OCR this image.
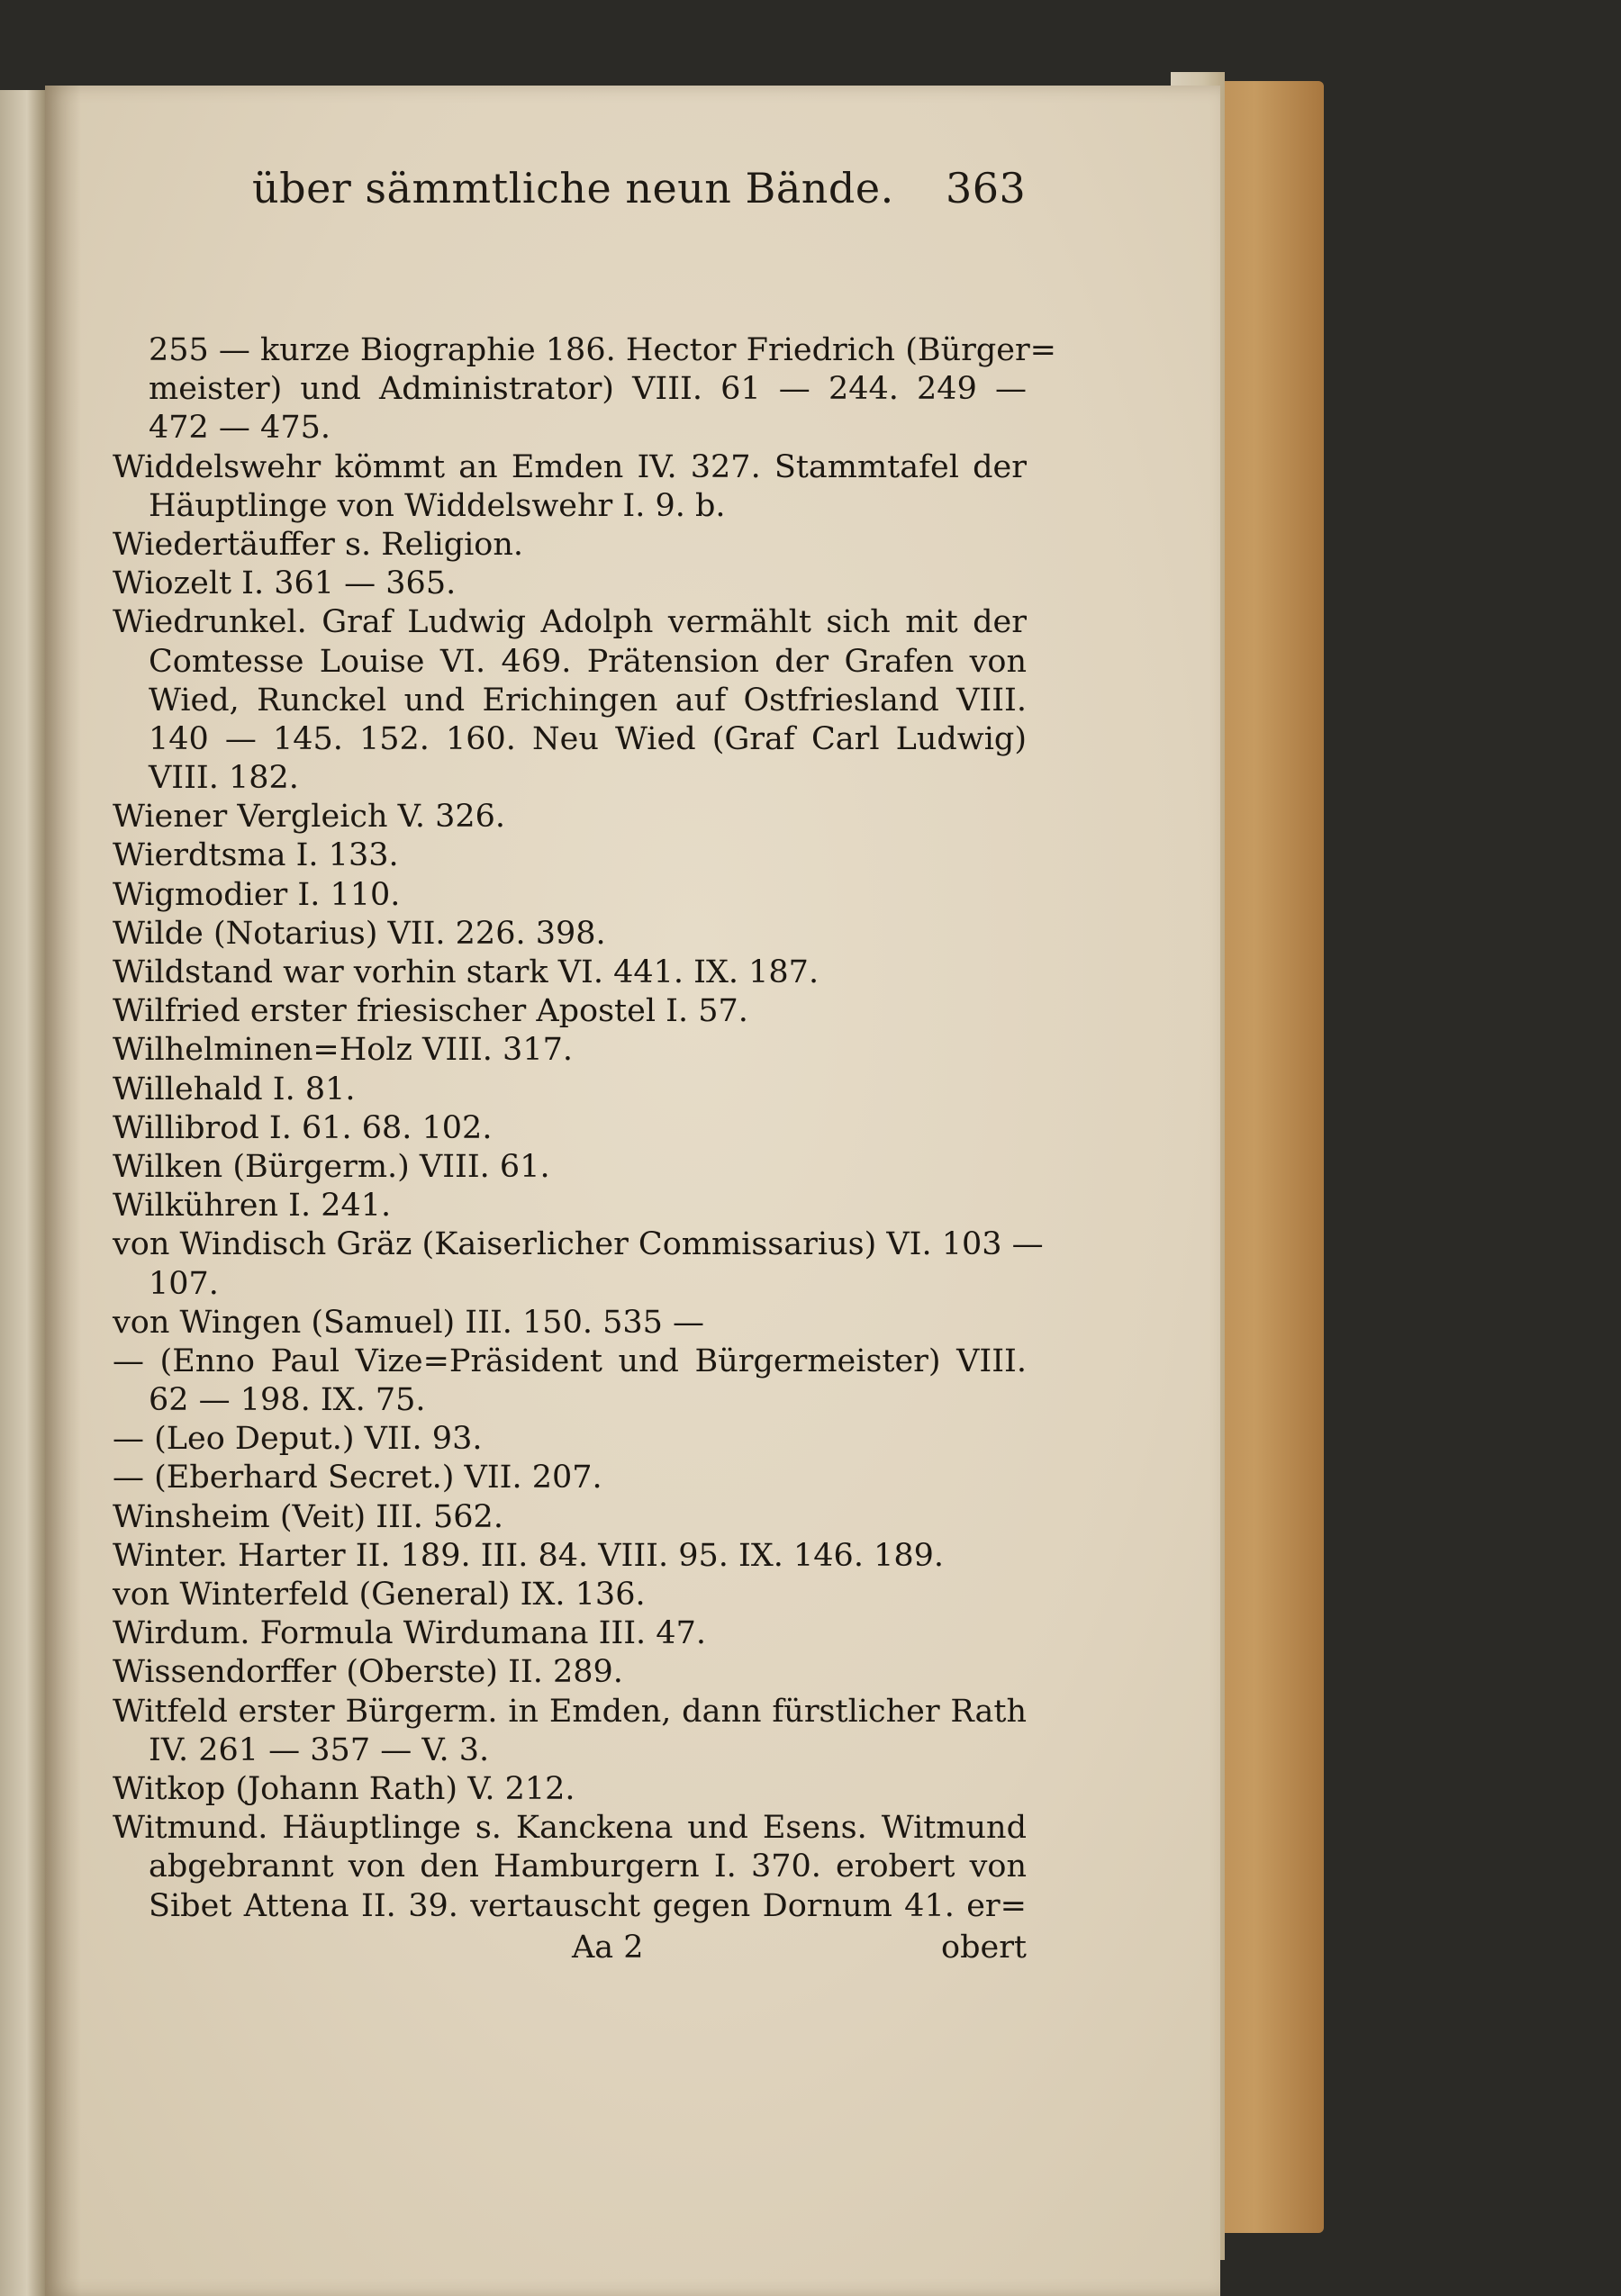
über sämmtliche neun Bände. 363
255 — kurze Biographie 186. Hector Friedrich (Bürger=
meister) und Administrator) VIII. 61 — 244. 249 —
472 — 475.
Widdelswehr kömmt an Emden IV. 327. Stammtafel der
Häuptlinge von Widdelswehr I. 9. b.
Wiedertäuffer s. Religion.
Wiozelt I. 361 — 365.
Wiedrunkel. Graf Ludwig Adolph vermählt sich mit der
Comtesse Louise VI. 469. Prätension der Grafen von
Wied, Runckel und Erichingen auf Ostfriesland VIII.
140 — 145. 152. 160. Neu Wied (Graf Carl Ludwig)
VIII. 182.
Wiener Vergleich V. 326.
Wierdtsma I. 133.
Wigmodier I. 110.
Wilde (Notarius) VII. 226. 398.
Wildstand war vorhin stark VI. 441. IX. 187.
Wilfried erster friesischer Apostel I. 57.
Wilhelminen=Holz VIII. 317.
Willehald I. 81.
Willibrod I. 61. 68. 102.
Wilken (Bürgerm.) VIII. 61.
Wilkühren I. 241.
von Windisch Gräz (Kaiserlicher Commissarius) VI. 103 —
107.
von Wingen (Samuel) III. 150. 535 —
— (Enno Paul Vize=Präsident und Bürgermeister) VIII.
62 — 198. IX. 75.
— (Leo Deput.) VII. 93.
— (Eberhard Secret.) VII. 207.
Winsheim (Veit) III. 562.
Winter. Harter II. 189. III. 84. VIII. 95. IX. 146. 189.
von Winterfeld (General) IX. 136.
Wirdum. Formula Wirdumana III. 47.
Wissendorffer (Oberste) II. 289.
Witfeld erster Bürgerm. in Emden, dann fürstlicher Rath
IV. 261 — 357 — V. 3.
Witkop (Johann Rath) V. 212.
Witmund. Häuptlinge s. Kanckena und Esens. Witmund
abgebrannt von den Hamburgern I. 370. erobert von
Sibet Attena II. 39. vertauscht gegen Dornum 41. er=
Aa 2	obert
